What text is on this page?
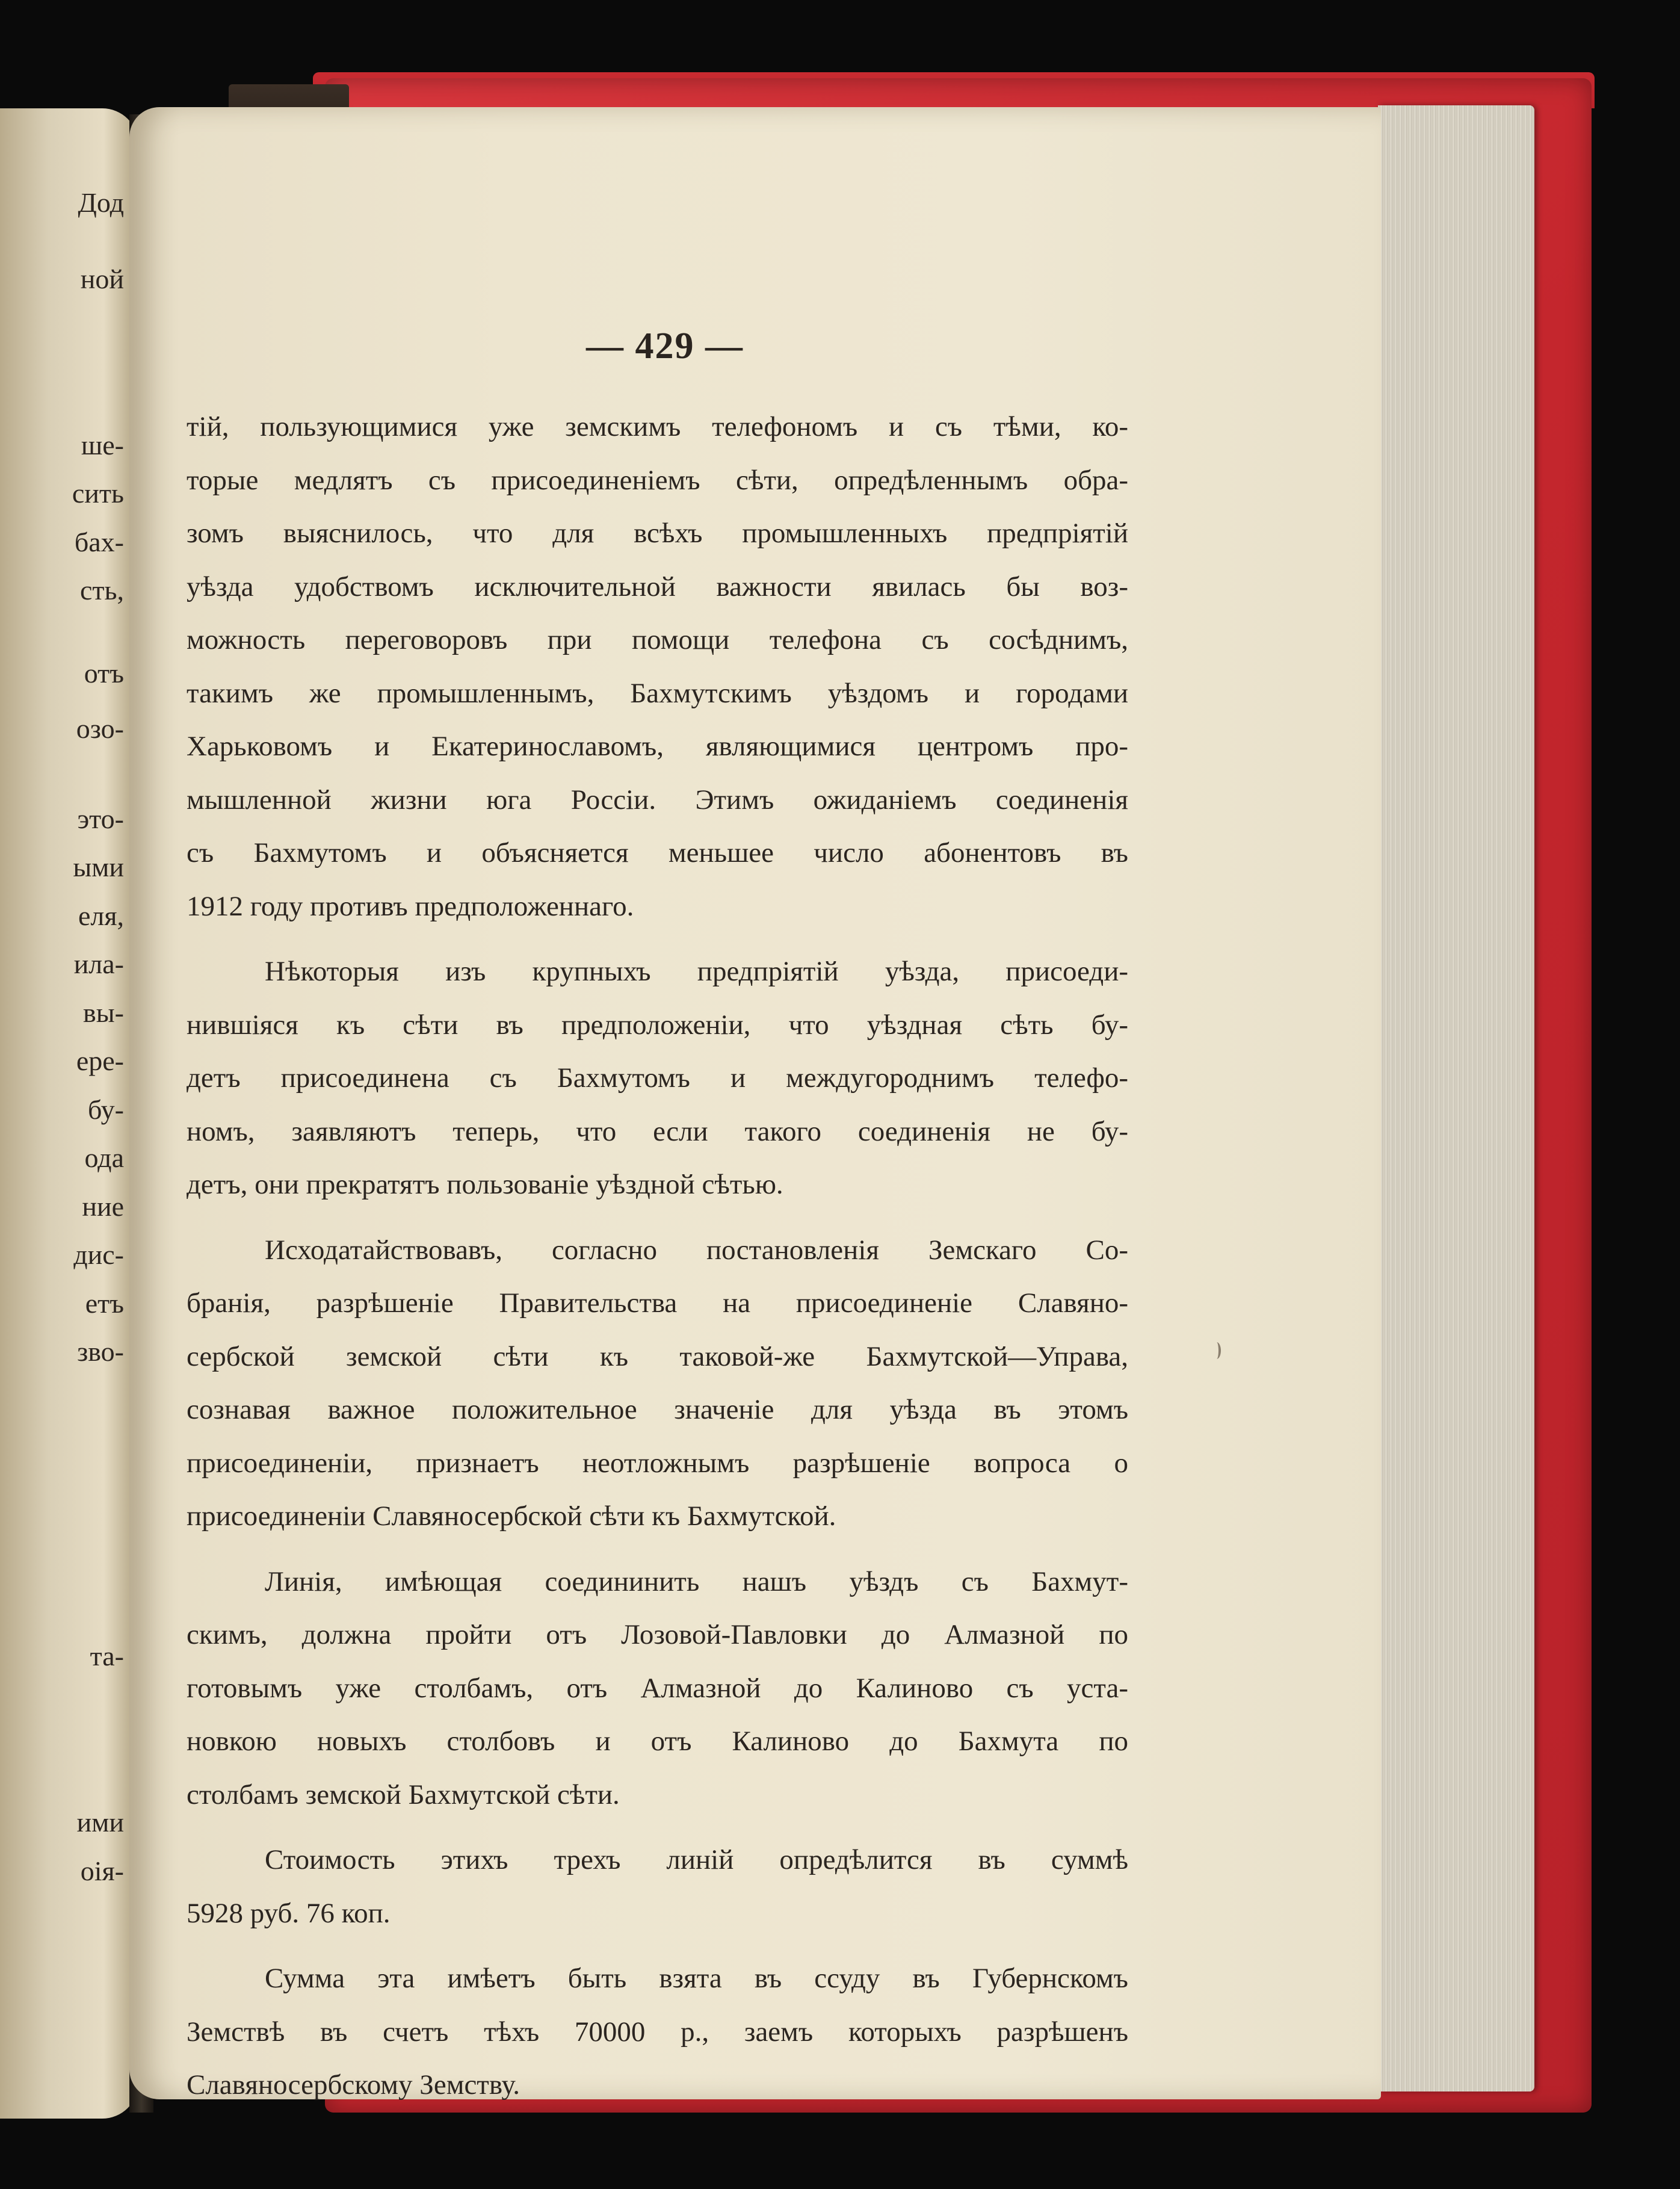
Дод
ной
ше-
сить
бах-
сть,
отъ
озо-
это-
ыми
еля,
ила-
вы-
ере-
бу-
ода
ние
дис-
етъ
зво-
та-
ими
оія-
— 429 —
тій, пользующимися уже земскимъ телефономъ и съ тѣми, ко-
торые медлятъ съ присоединеніемъ сѣти, опредѣленнымъ обра-
зомъ выяснилось, что для всѣхъ промышленныхъ предпріятій
уѣзда удобствомъ исключительной важности явилась бы воз-
можность переговоровъ при помощи телефона съ сосѣднимъ,
такимъ же промышленнымъ, Бахмутскимъ уѣздомъ и городами
Харьковомъ и Екатеринославомъ, являющимися центромъ про-
мышленной жизни юга Россіи. Этимъ ожиданіемъ соединенія
съ Бахмутомъ и объясняется меньшее число абонентовъ въ
1912 году противъ предположеннаго.
Нѣкоторыя изъ крупныхъ предпріятій уѣзда, присоеди-
нившіяся къ сѣти въ предположеніи, что уѣздная сѣть бу-
детъ присоединена съ Бахмутомъ и междугороднимъ телефо-
номъ, заявляютъ теперь, что если такого соединенія не бу-
детъ, они прекратятъ пользованіе уѣздной сѣтью.
Исходатайствовавъ, согласно постановленія Земскаго Со-
бранія, разрѣшеніе Правительства на присоединеніе Славяно-
сербской земской сѣти къ таковой-же Бахмутской—Управа,
сознавая важное положительное значеніе для уѣзда въ этомъ
присоединеніи, признаетъ неотложнымъ разрѣшеніе вопроса о
присоединеніи Славяносербской сѣти къ Бахмутской.
Линія, имѣющая соедининить нашъ уѣздъ съ Бахмут-
скимъ, должна пройти отъ Лозовой-Павловки до Алмазной по
готовымъ уже столбамъ, отъ Алмазной до Калиново съ уста-
новкою новыхъ столбовъ и отъ Калиново до Бахмута по
столбамъ земской Бахмутской сѣти.
Стоимость этихъ трехъ линій опредѣлится въ суммѣ
5928 руб. 76 коп.
Сумма эта имѣетъ быть взята въ ссуду въ Губернскомъ
Земствѣ въ счетъ тѣхъ 70000 р., заемъ которыхъ разрѣшенъ
Славяносербскому Земству.
